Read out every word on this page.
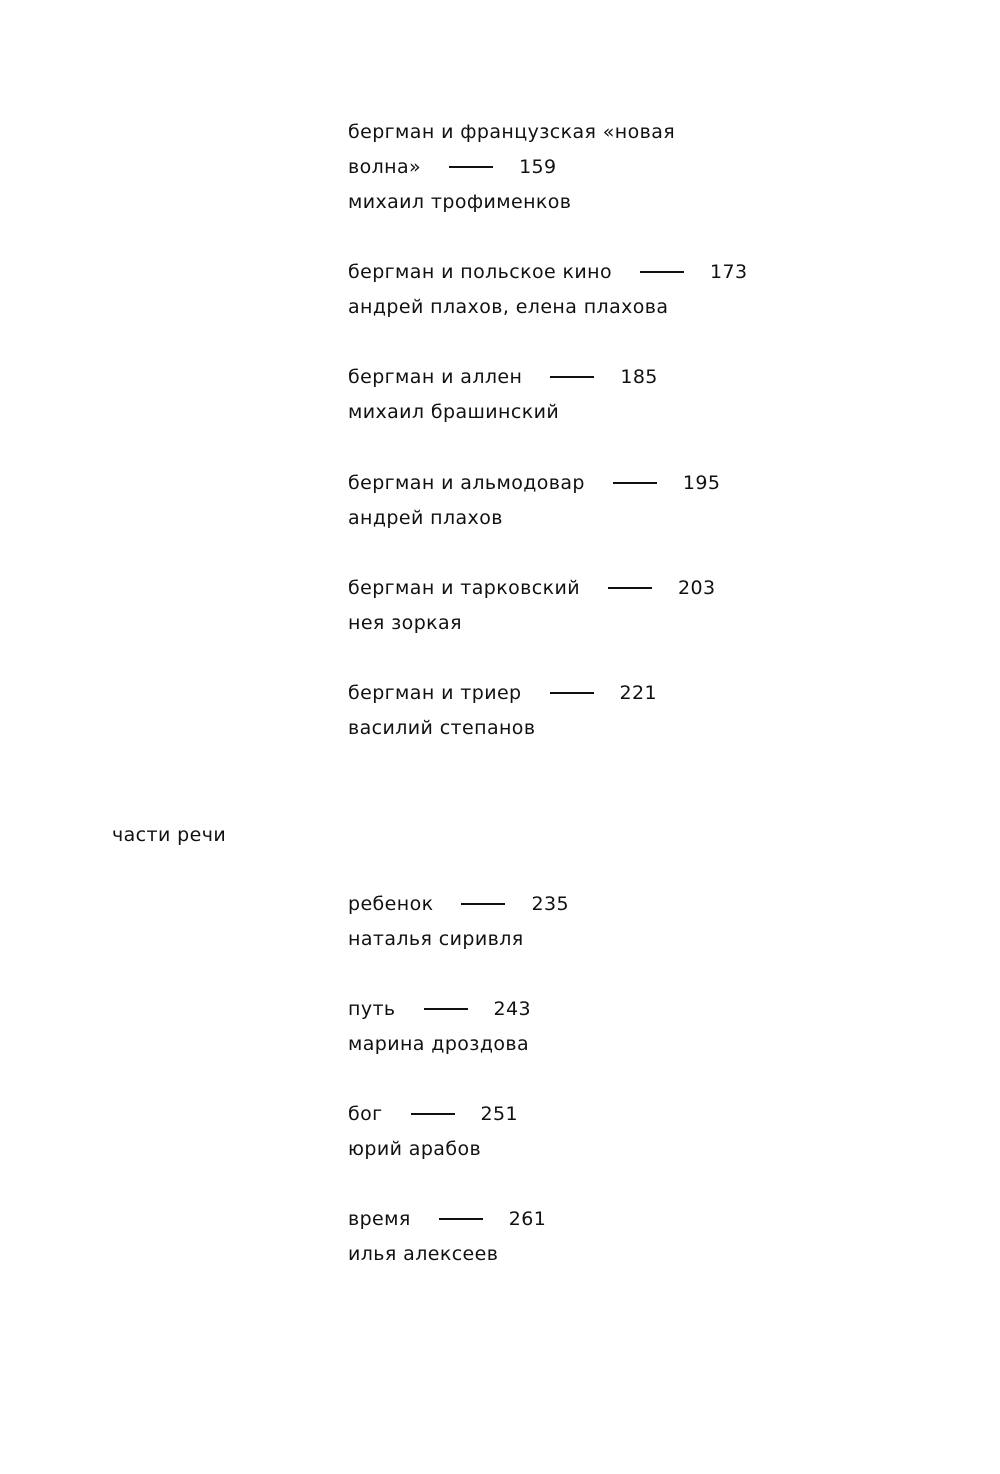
бергман и французская «новая
волна»	159
михаил трофименков
бергман и польское кино	173
андрей плахов, елена плахова
бергман и аллен	185
михаил брашинский
бергман и альмодовар	195
андрей плахов
бергман и тарковский	203
нея зоркая
бергман и триер	221
василий степанов
части речи
ребенок	235
наталья сиривля
путь	243
марина дроздова
бог	251
юрий арабов
время	261
илья алексеев
